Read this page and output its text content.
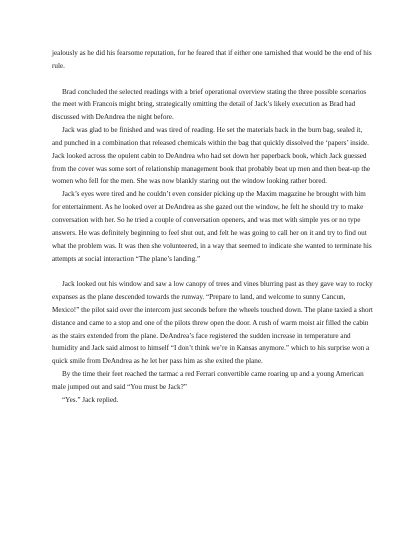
jealously as he did his fearsome reputation, for he feared that if either one tarnished that would be the end of his rule.

Brad concluded the selected readings with a brief operational overview stating the three possible scenarios the meet with Francois might bring, strategically omitting the detail of Jack’s likely execution as Brad had discussed with DeAndrea the night before.

Jack was glad to be finished and was tired of reading. He set the materials back in the burn bag, sealed it, and punched in a combination that released chemicals within the bag that quickly dissolved the ‘papers’ inside. Jack looked across the opulent cabin to DeAndrea who had set down her paperback book, which Jack guessed from the cover was some sort of relationship management book that probably beat up men and then beat-up the women who fell for the men. She was now blankly staring out the window looking rather bored.

Jack’s eyes were tired and he couldn’t even consider picking up the Maxim magazine he brought with him for entertainment. As he looked over at DeAndrea as she gazed out the window, he felt he should try to make conversation with her. So he tried a couple of conversation openers, and was met with simple yes or no type answers. He was definitely beginning to feel shut out, and felt he was going to call her on it and try to find out what the problem was. It was then she volunteered, in a way that seemed to indicate she wanted to terminate his attempts at social interaction “The plane’s landing.”

Jack looked out his window and saw a low canopy of trees and vines blurring past as they gave way to rocky expanses as the plane descended towards the runway. “Prepare to land, and welcome to sunny Cancun, Mexico!” the pilot said over the intercom just seconds before the wheels touched down. The plane taxied a short distance and came to a stop and one of the pilots threw open the door. A rush of warm moist air filled the cabin as the stairs extended from the plane. DeAndrea’s face registered the sudden increase in temperature and humidity and Jack said almost to himself “I don’t think we’re in Kansas anymore.” which to his surprise won a quick smile from DeAndrea as he let her pass him as she exited the plane.

By the time their feet reached the tarmac a red Ferrari convertible came roaring up and a young American male jumped out and said “You must be Jack?”

“Yes.” Jack replied.
